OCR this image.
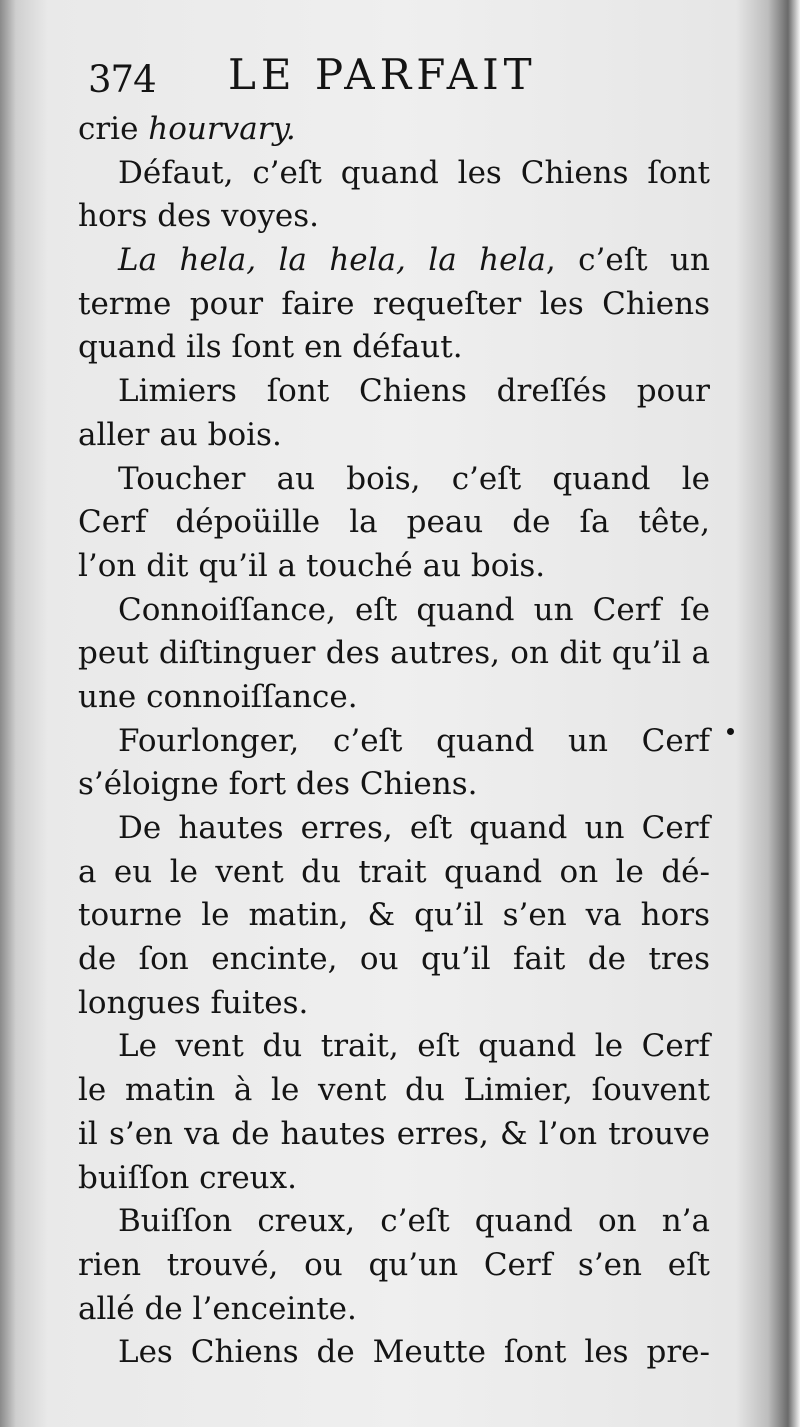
374 LE PARFAIT
crie hourvary.
Défaut, c’eſt quand les Chiens ſont
hors des voyes.
La hela, la hela, la hela, c’eſt un
terme pour faire requeſter les Chiens
quand ils ſont en défaut.
Limiers ſont Chiens dreſſés pour
aller au bois.
Toucher au bois, c’eſt quand le
Cerf dépoüille la peau de ſa tête,
l’on dit qu’il a touché au bois.
Connoiſſance, eſt quand un Cerf ſe
peut diſtinguer des autres, on dit qu’il a
une connoiſſance.
Fourlonger, c’eſt quand un Cerf
s’éloigne fort des Chiens.
De hautes erres, eſt quand un Cerf
a eu le vent du trait quand on le dé-
tourne le matin, & qu’il s’en va hors
de ſon encinte, ou qu’il fait de tres
longues fuites.
Le vent du trait, eſt quand le Cerf
le matin à le vent du Limier, ſouvent
il s’en va de hautes erres, & l’on trouve
buiſſon creux.
Buiſſon creux, c’eſt quand on n’a
rien trouvé, ou qu’un Cerf s’en eſt
allé de l’enceinte.
Les Chiens de Meutte ſont les pre-
